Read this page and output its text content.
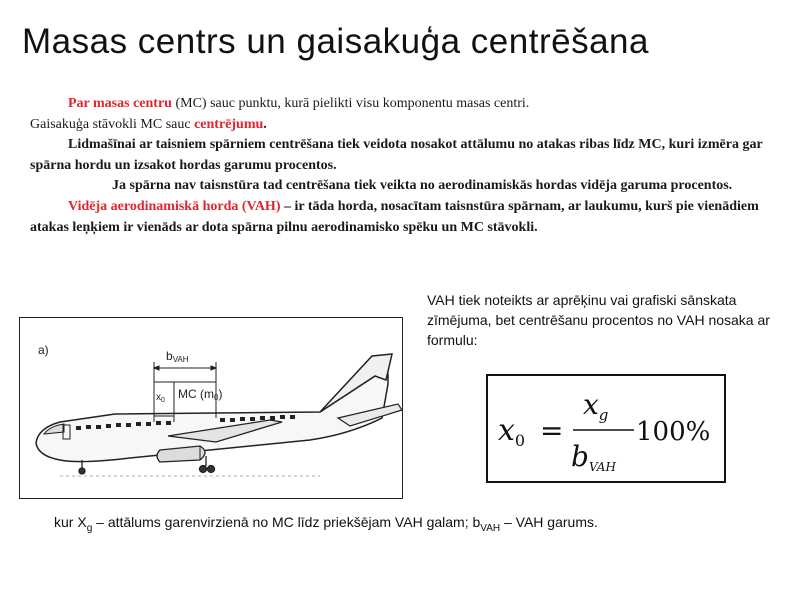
Masas centrs un gaisakuģa centrēšana

Par masas centru (MC) sauc punktu, kurā pielikti visu komponentu masas centri.

Gaisakuģa stāvokli MC sauc centrējumu.

Lidmašīnai ar taisniem spārniem centrēšana tiek veidota nosakot attālumu no atakas ribas līdz MC, kuri izmēra gar spārna hordu un izsakot hordas garumu procentos.

Ja spārna nav taisnstūra tad centrēšana tiek veikta no aerodinamiskās hordas vidēja garuma procentos.

Vidēja aerodinamiskā horda (VAH) – ir tāda horda, nosacītam taisnstūra spārnam, ar laukumu, kurš pie vienādiem atakas leņķiem ir vienāds ar dota spārna pilnu aerodinamisko spēku un MC stāvokli.

VAH tiek noteikts ar aprēķinu vai grafiski sānskata zīmējuma, bet centrēšanu procentos no VAH nosaka ar formulu:
a)	bVAH
$x_0$ MC (m0)
$x_0$ =
$x_g$
bVAH
100%
kur $X_g$ – attālums garenvirzienā no MC līdz priekšējam VAH galam; $b_{VAH}$ – VAH garums.
